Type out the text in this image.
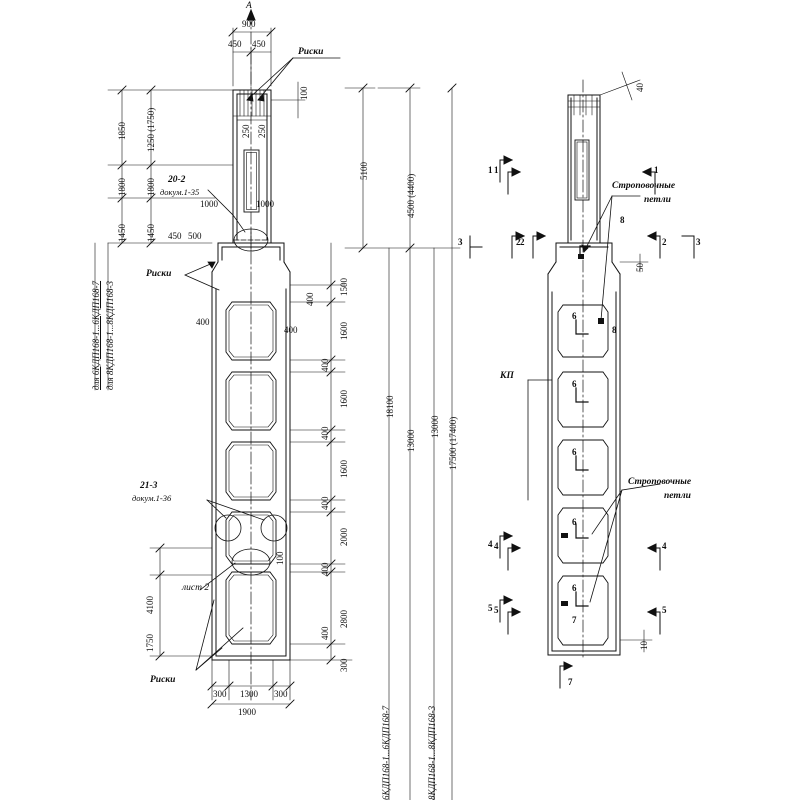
A
900
450 450
100
250 250
Риски
1850 1250 (1750)
1800 1800
1450 1450
для 6КДП168-1...6КДП168-7 для 8КДП168-1...8КДП168-3
20-2
докум.1-35
1000	1000
450 500
Риски
400
400
400
100
1500
1600
1600
1600
2000
2800
300
400
400
400
400
400
5100
4500 (4400)
18100
13000
13000 17500 (17400)
21-3
докум.1-36
4100
1750
лист 2
Риски
300 1300 300
1900	6КДП168-1...6КДП168-7	8КДП168-1...8КДП168-3
1
2
3
4
5
40
Строповочные
петли
Строповочные
петли
КП
1	1
2	2	3
4	4
5	5
7
8
8
6
6
6
6
6
7
50
10
